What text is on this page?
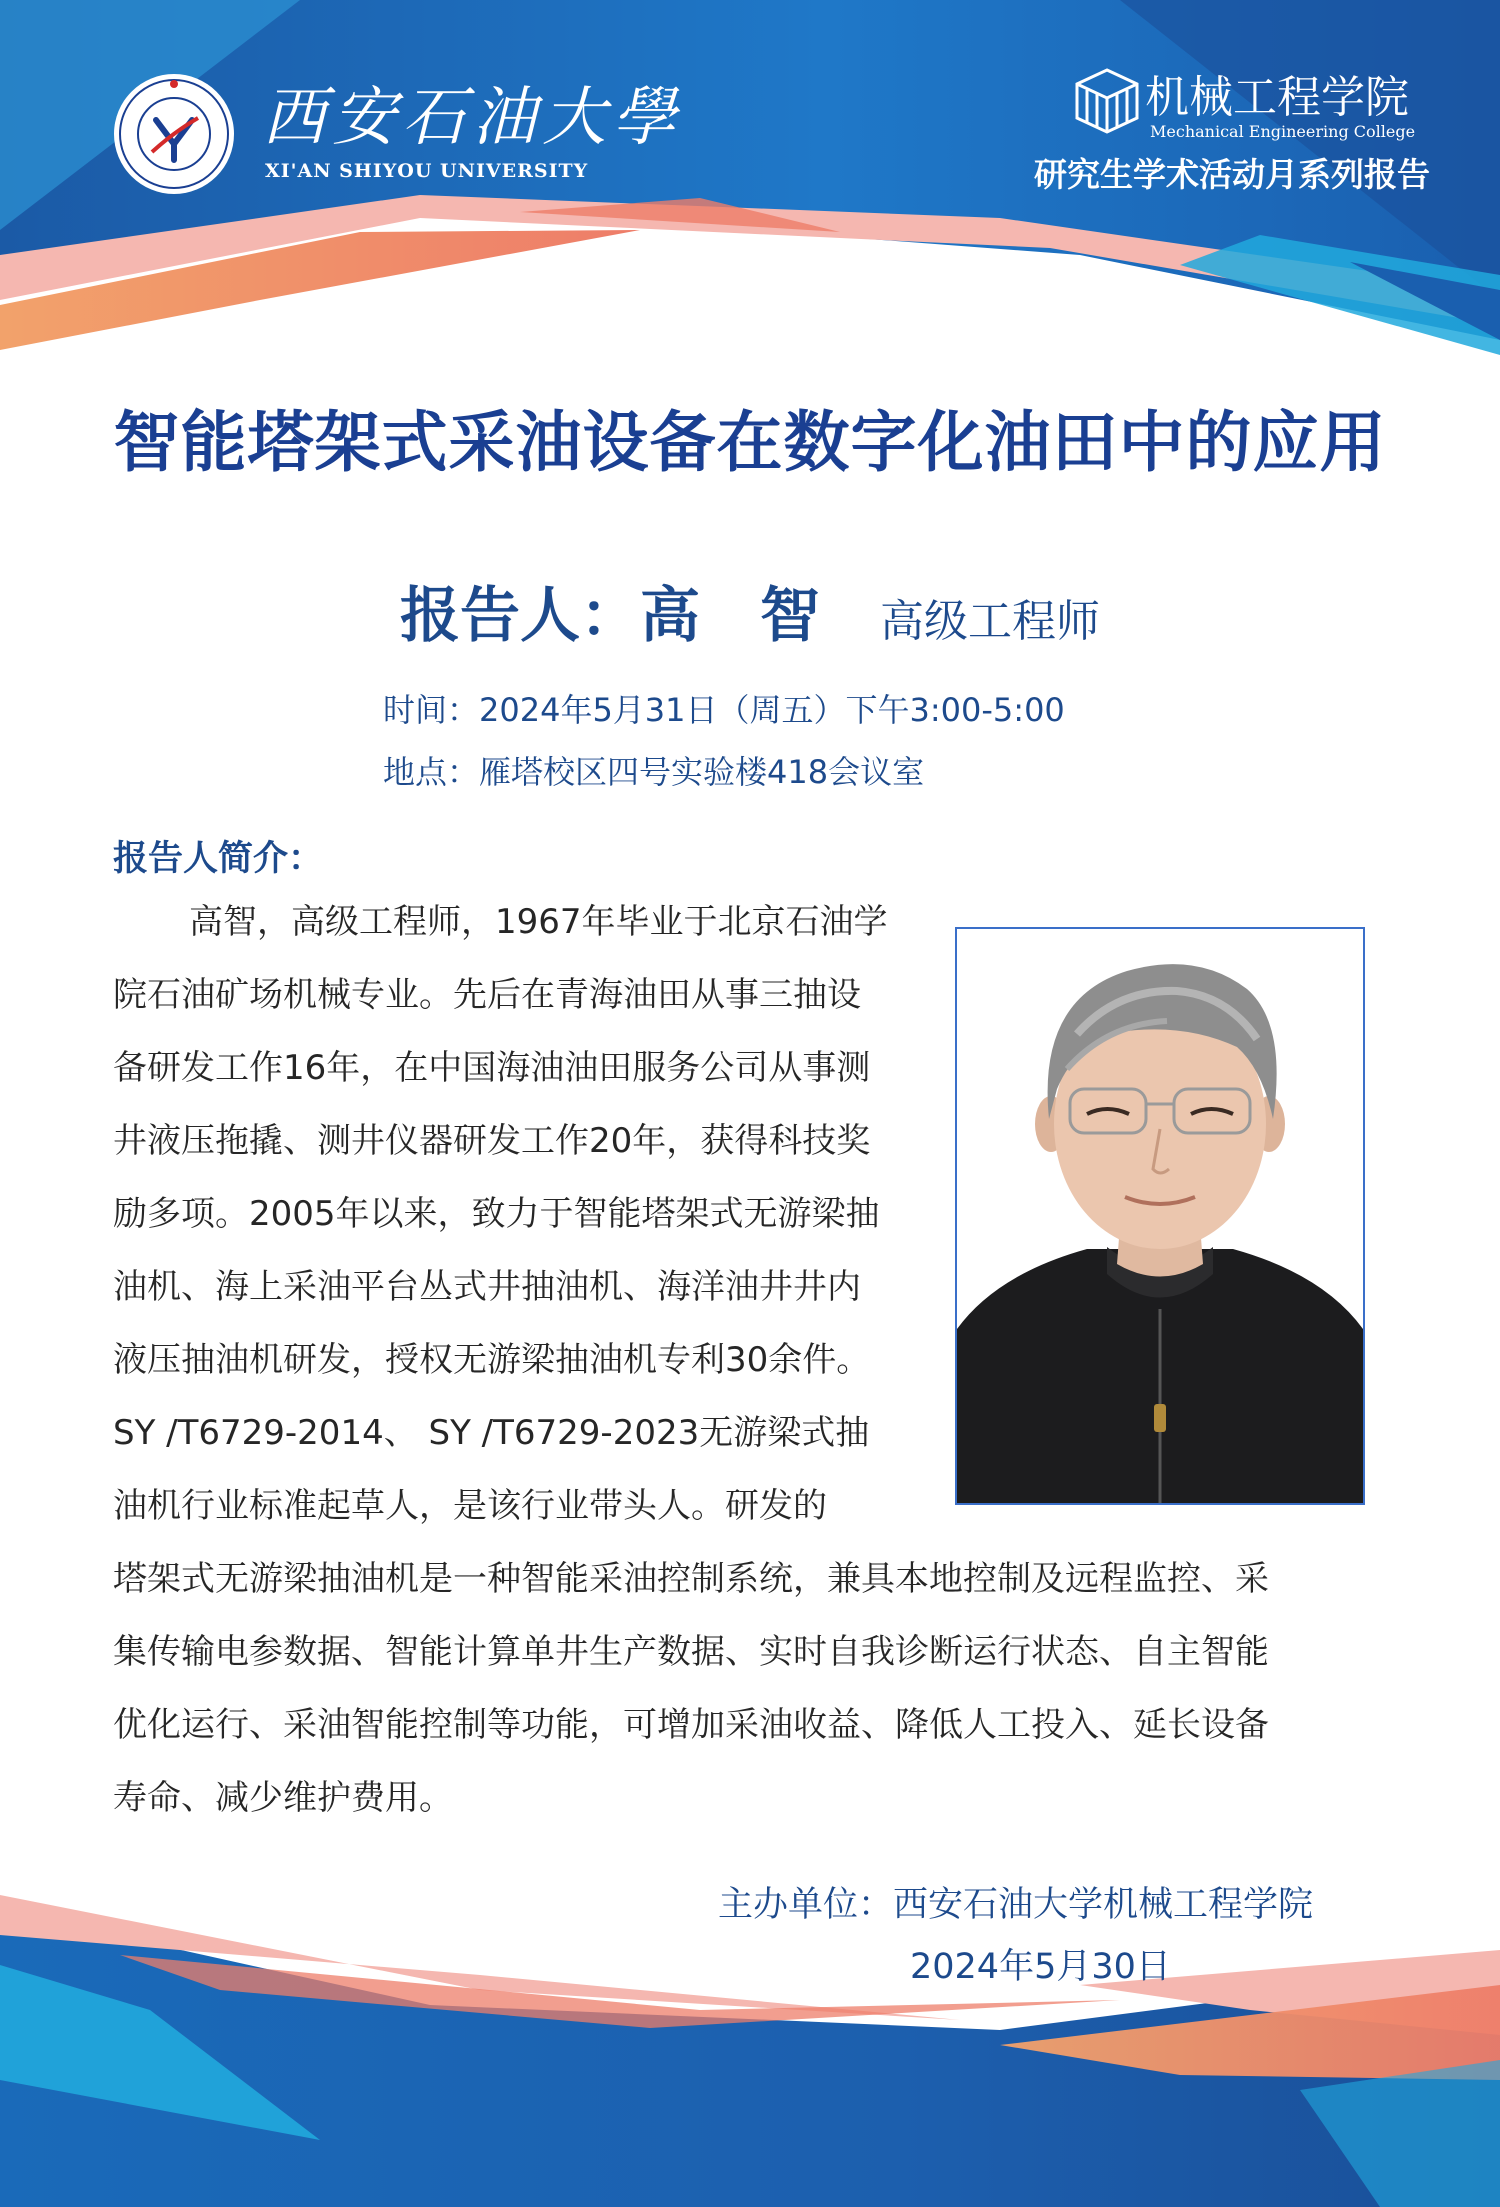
西安石油大學
XI'AN SHIYOU UNIVERSITY
机械工程学院
Mechanical Engineering College
研究生学术活动月系列报告
智能塔架式采油设备在数字化油田中的应用
报告人：高智高级工程师
时间：2024年5月31日（周五）下午3:00-5:00
地点：雁塔校区四号实验楼418会议室
报告人简介：
高智，高级工程师，1967年毕业于北京石油学
院石油矿场机械专业。先后在青海油田从事三抽设
备研发工作16年，在中国海油油田服务公司从事测
井液压拖撬、测井仪器研发工作20年，获得科技奖
励多项。2005年以来，致力于智能塔架式无游梁抽
油机、海上采油平台丛式井抽油机、海洋油井井内
液压抽油机研发，授权无游梁抽油机专利30余件。
SY /T6729-2014、 SY /T6729-2023无游梁式抽
油机行业标准起草人，是该行业带头人。研发的
塔架式无游梁抽油机是一种智能采油控制系统，兼具本地控制及远程监控、采
集传输电参数据、智能计算单井生产数据、实时自我诊断运行状态、自主智能
优化运行、采油智能控制等功能，可增加采油收益、降低人工投入、延长设备
寿命、减少维护费用。
主办单位：西安石油大学机械工程学院
2024年5月30日
